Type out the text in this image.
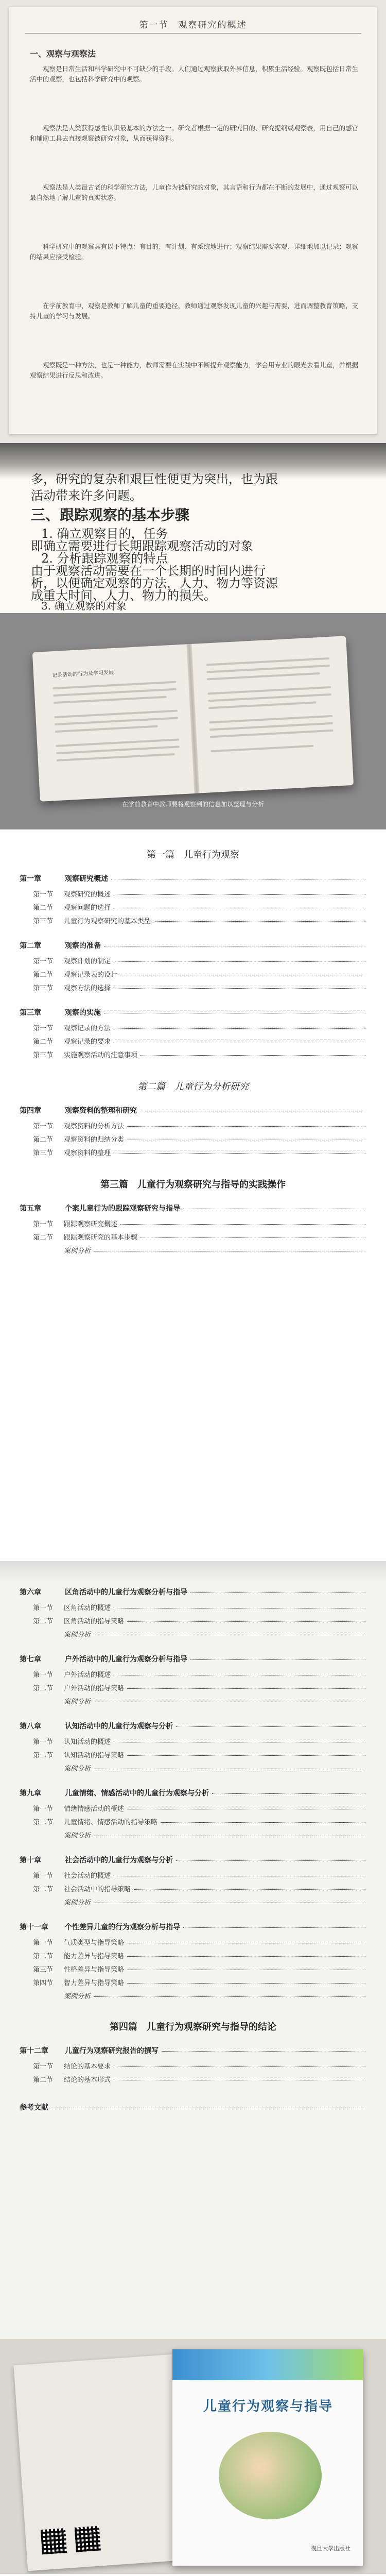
第一节　观察研究的概述
一、观察与观察法
观察是日常生活和科学研究中不可缺少的手段。人们通过观察获取外界信息，积累生活经验。观察既包括日常生活中的观察，也包括科学研究中的观察。
观察法是人类获得感性认识最基本的方法之一。研究者根据一定的研究目的、研究提纲或观察表，用自己的感官和辅助工具去直接观察被研究对象，从而获得资料。
观察法是人类最古老的科学研究方法，儿童作为被研究的对象，其言语和行为都在不断的发展中，通过观察可以最自然地了解儿童的真实状态。
科学研究中的观察具有以下特点：有目的、有计划、有系统地进行；观察结果需要客观、详细地加以记录；观察的结果应接受检验。
在学前教育中，观察是教师了解儿童的重要途径，教师通过观察发现儿童的兴趣与需要，进而调整教育策略，支持儿童的学习与发展。
观察既是一种方法，也是一种能力，教师需要在实践中不断提升观察能力，学会用专业的眼光去看儿童，并根据观察结果进行反思和改进。
多，研究的复杂和艰巨性便更为突出，也为跟
活动带来许多问题。
三、跟踪观察的基本步骤
1. 确立观察目的，任务
即确立需要进行长期跟踪观察活动的对象
2. 分析跟踪观察的特点
由于观察活动需要在一个长期的时间内进行
析，以便确定观察的方法，人力、物力等资源
成重大时间、人力、物力的损失。
3. 确立观察的对象
记录活动的行为及学习发展
在学前教育中教师要将观察到的信息加以整理与分析
第一篇　儿童行为观察
第一章	观察研究概述
第一节	观察研究的概述
第二节	观察问题的选择
第三节	儿童行为观察研究的基本类型
第二章	观察的准备
第一节	观察计划的制定
第二节	观察记录表的设计
第三节	观察方法的选择
第三章	观察的实施
第一节	观察记录的方法
第二节	观察记录的要求
第三节	实施观察活动的注意事项
第二篇　儿童行为分析研究
第四章	观察资料的整理和研究
第一节	观察资料的分析方法
第二节	观察资料的归纳分类
第三节	观察资料的整理
第三篇　儿童行为观察研究与指导的实践操作
第五章	个案儿童行为的跟踪观察研究与指导
第一节	跟踪观察研究概述
第二节	跟踪观察研究的基本步骤
案例分析
第六章	区角活动中的儿童行为观察分析与指导
第一节	区角活动的概述
第二节	区角活动的指导策略
案例分析
第七章	户外活动中的儿童行为观察分析与指导
第一节	户外活动的概述
第二节	户外活动的指导策略
案例分析
第八章	认知活动中的儿童行为观察与分析
第一节	认知活动的概述
第二节	认知活动的指导策略
案例分析
第九章	儿童情绪、情感活动中的儿童行为观察与分析
第一节	情绪情感活动的概述
第二节	儿童情绪、情感活动的指导策略
案例分析
第十章	社会活动中的儿童行为观察与分析
第一节	社会活动的概述
第二节	社会活动中的指导策略
案例分析
第十一章	个性差异儿童的行为观察分析与指导
第一节	气质类型与指导策略
第二节	能力差异与指导策略
第三节	性格差异与指导策略
第四节	智力差异与指导策略
案例分析
第四篇　儿童行为观察研究与指导的结论
第十二章	儿童行为观察研究报告的撰写
第一节	结论的基本要求
第二节	结论的基本形式
参考文献
儿童行为观察与指导
復旦大學出版社
